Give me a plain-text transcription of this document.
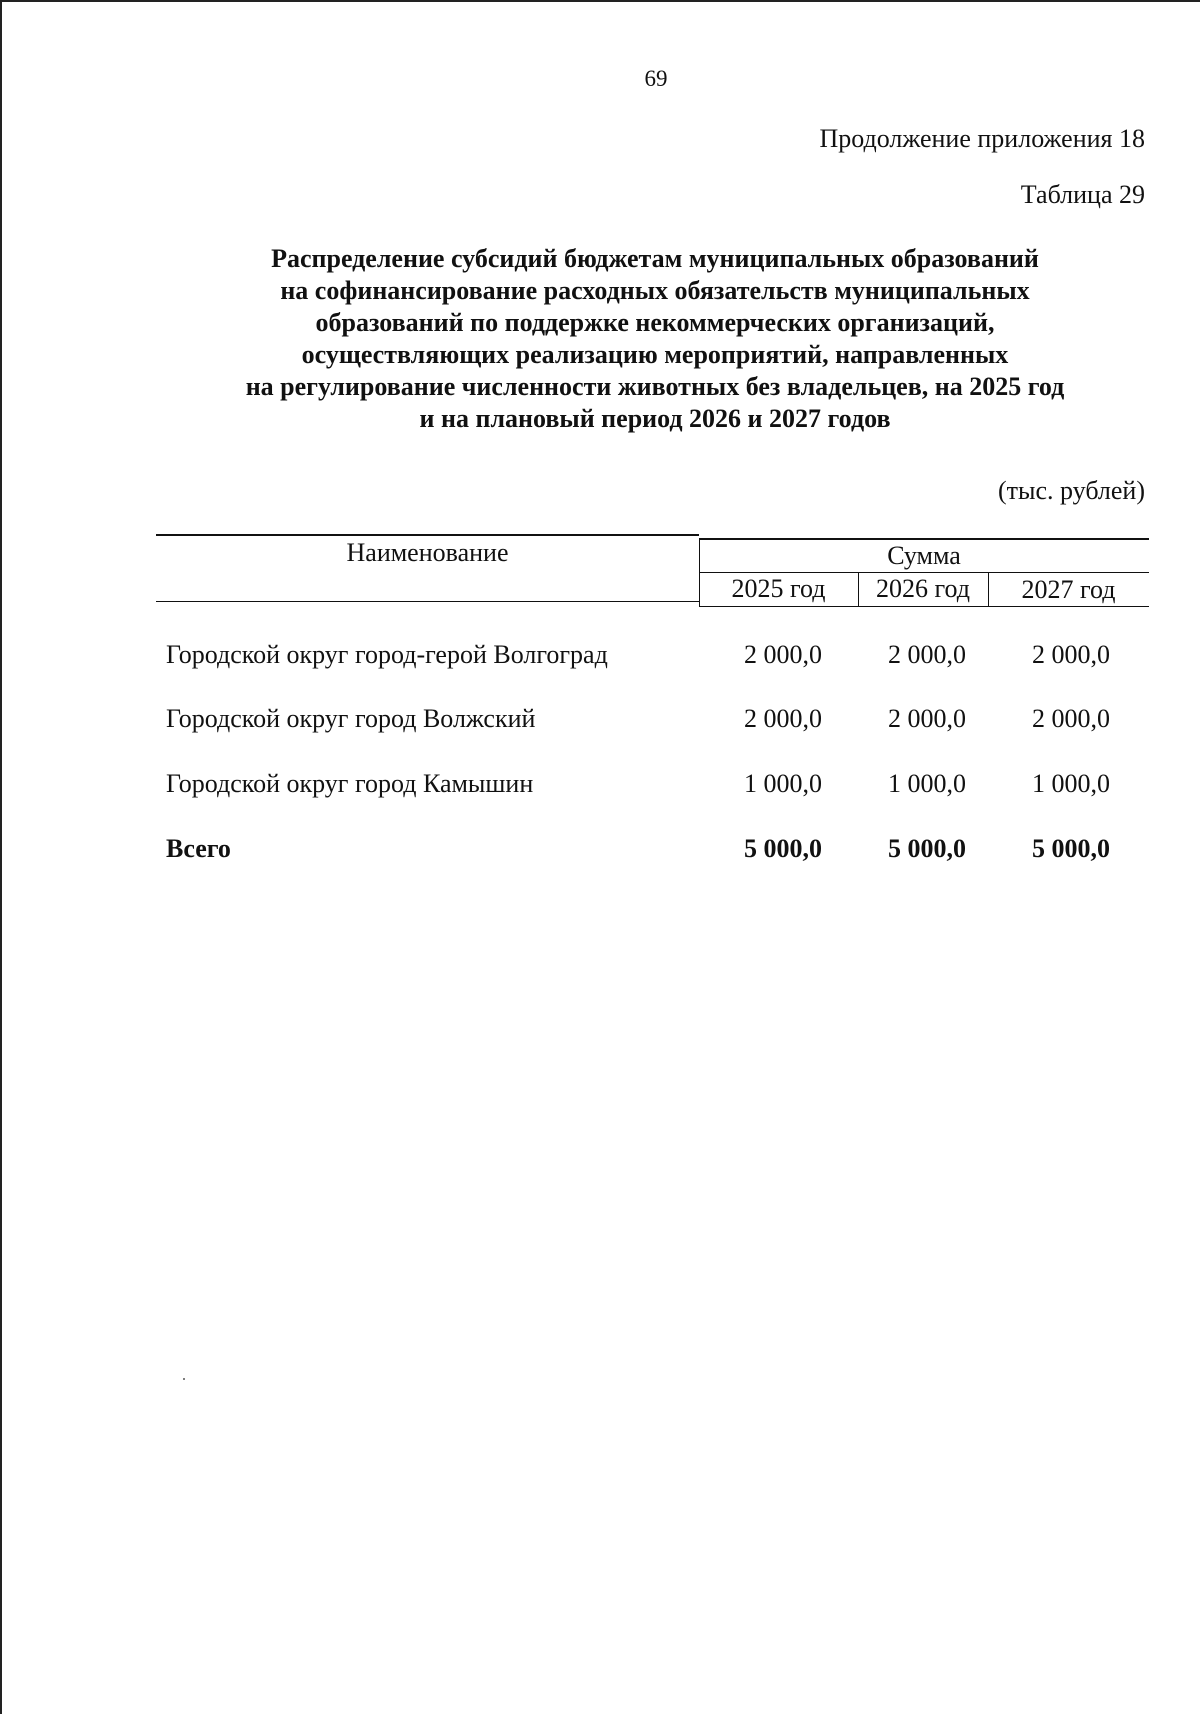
69
Продолжение приложения 18
Таблица 29
Распределение субсидий бюджетам муниципальных образований
на софинансирование расходных обязательств муниципальных
образований по поддержке некоммерческих организаций,
осуществляющих реализацию мероприятий, направленных
на регулирование численности животных без владельцев, на 2025 год
и на плановый период 2026 и 2027 годов
(тыс. рублей)
Наименование	Сумма
2025 год	2026 год	2027 год
Городской округ город-герой Волгоград	2 000,0	2 000,0	2 000,0
Городской округ город Волжский	2 000,0	2 000,0	2 000,0
Городской округ город Камышин	1 000,0	1 000,0	1 000,0
Всего	5 000,0	5 000,0	5 000,0
